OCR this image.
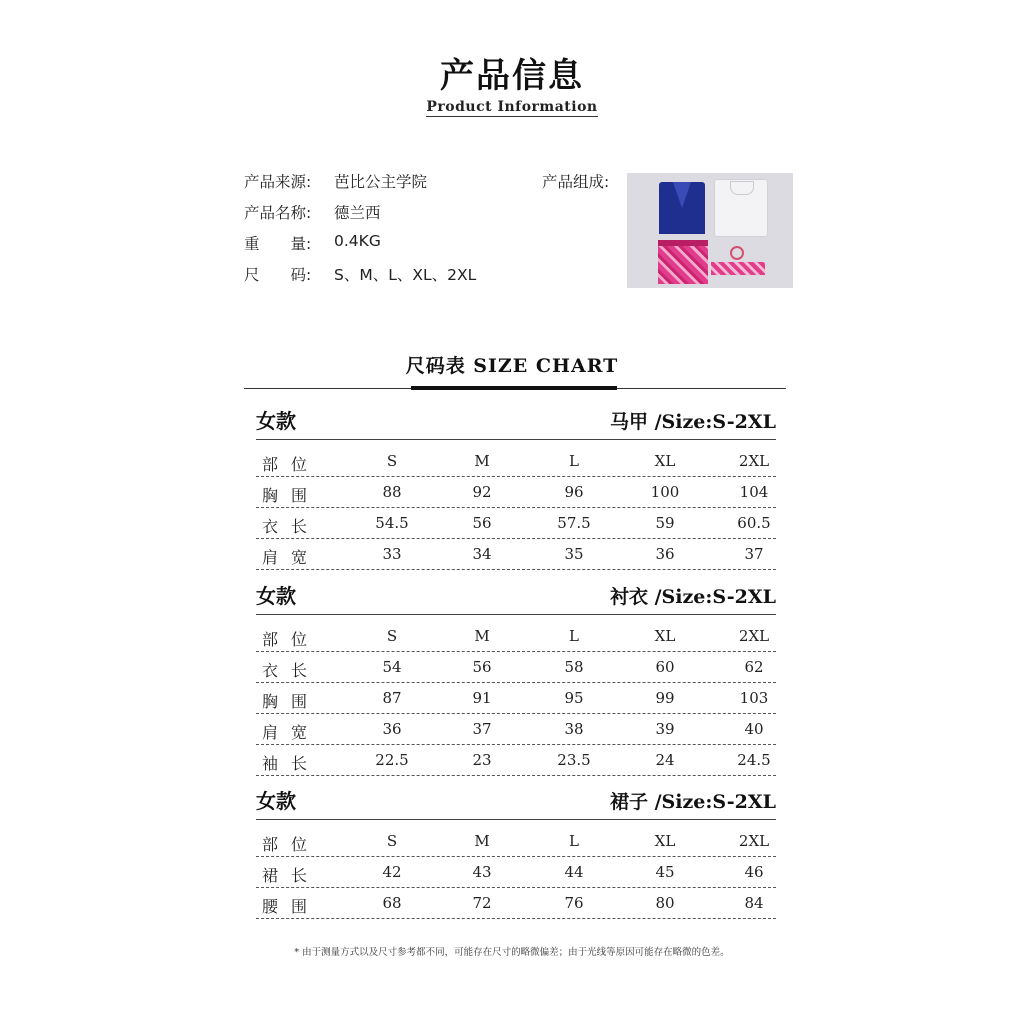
产品信息
Product Information
产品来源:	芭比公主学院
产品名称:	德兰西
重　　量:	0.4KG
尺　　码:	S、M、L、XL、2XL
产品组成:
尺码表 SIZE CHART
女款	马甲 /Size:S-2XL
部位	S	M	L	XL	2XL
胸围	88	92	96	100	104
衣长	54.5	56	57.5	59	60.5
肩宽	33	34	35	36	37
女款	衬衣 /Size:S-2XL
部位	S	M	L	XL	2XL
衣长	54	56	58	60	62
胸围	87	91	95	99	103
肩宽	36	37	38	39	40
袖长	22.5	23	23.5	24	24.5
女款	裙子 /Size:S-2XL
部位	S	M	L	XL	2XL
裙长	42	43	44	45	46
腰围	68	72	76	80	84
* 由于测量方式以及尺寸参考都不同，可能存在尺寸的略微偏差；由于光线等原因可能存在略微的色差。
